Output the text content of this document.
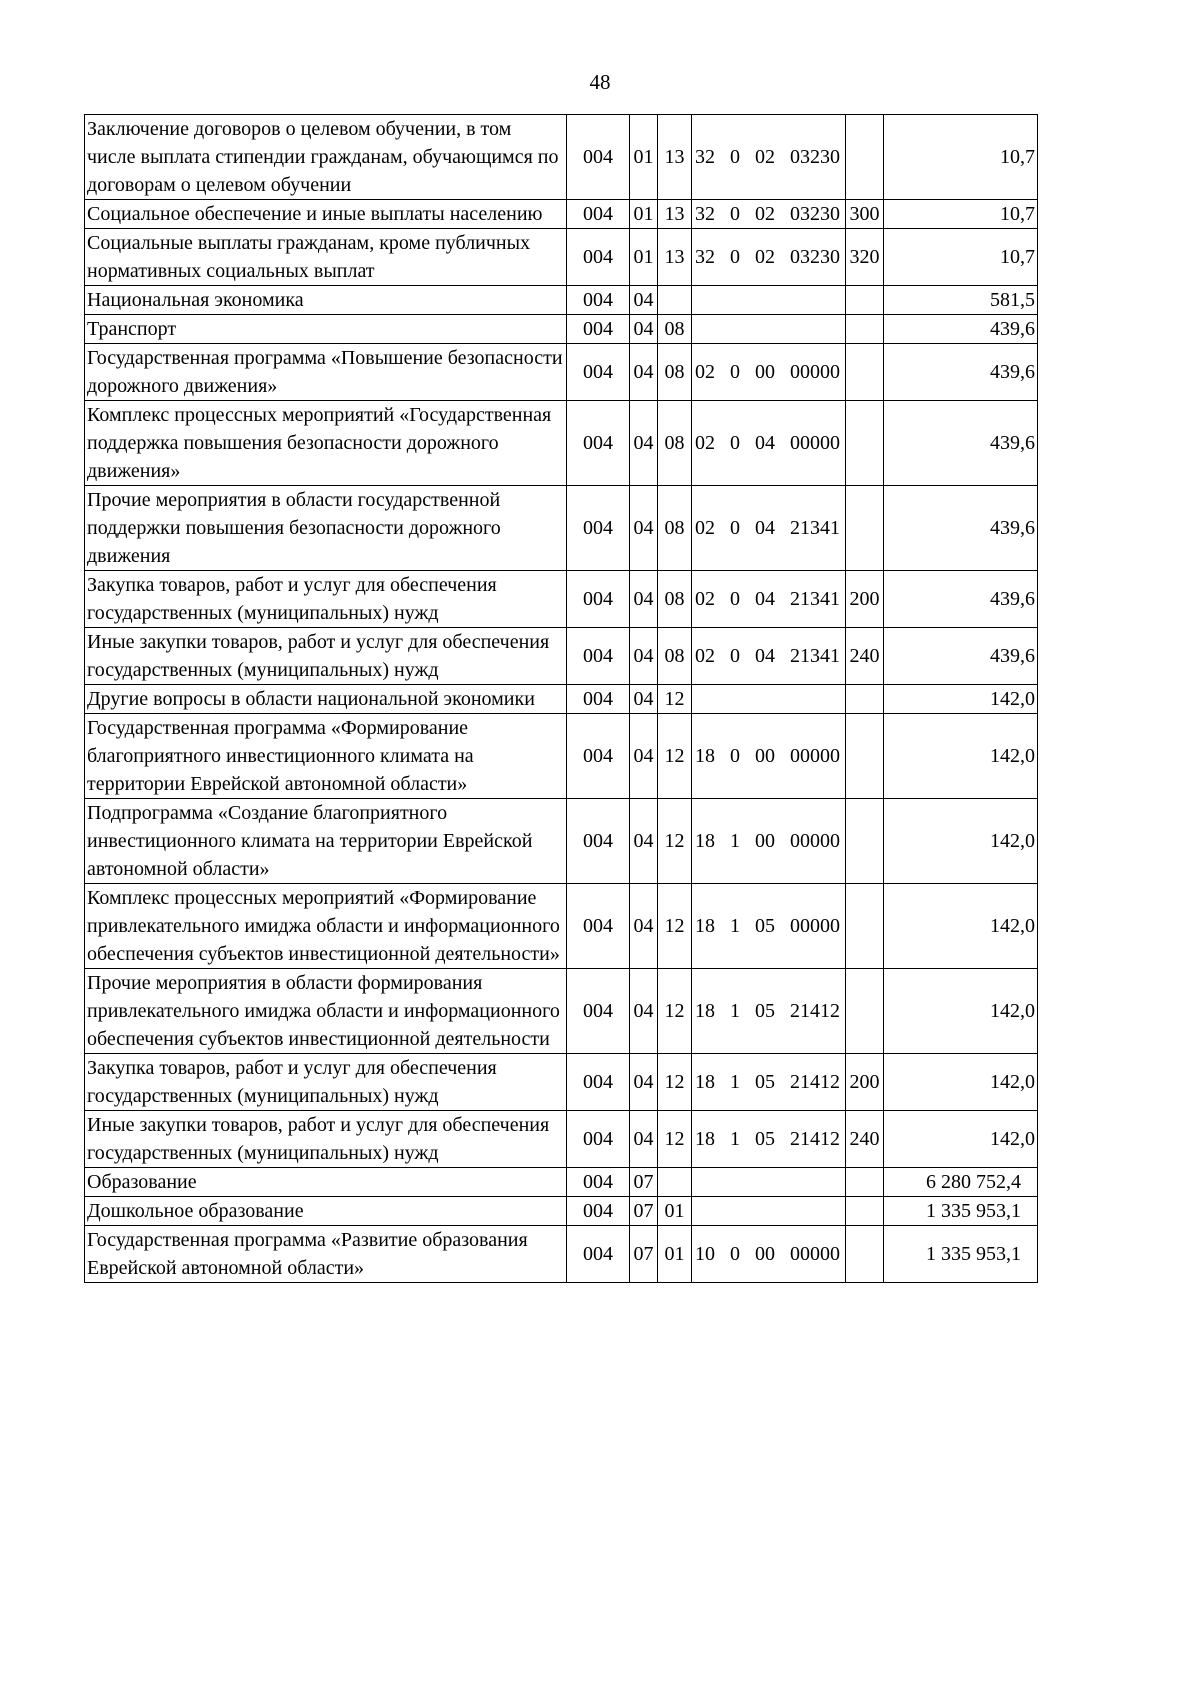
48
Заключение договоров о целевом обучении, в том числе выплата стипендии гражданам, обучающимся по договорам о целевом обучении	004	01	13	32 0 02 03230		10,7
Социальное обеспечение и иные выплаты населению	004	01	13	32 0 02 03230	300	10,7
Социальные выплаты гражданам, кроме публичных нормативных социальных выплат	004	01	13	32 0 02 03230	320	10,7
Национальная экономика	004	04				581,5
Транспорт	004	04	08			439,6
Государственная программа «Повышение безопасности дорожного движения»	004	04	08	02 0 00 00000		439,6
Комплекс процессных мероприятий «Государственная поддержка повышения безопасности дорожного движения»	004	04	08	02 0 04 00000		439,6
Прочие мероприятия в области государственной поддержки повышения безопасности дорожного движения	004	04	08	02 0 04 21341		439,6
Закупка товаров, работ и услуг для обеспечения государственных (муниципальных) нужд	004	04	08	02 0 04 21341	200	439,6
Иные закупки товаров, работ и услуг для обеспечения государственных (муниципальных) нужд	004	04	08	02 0 04 21341	240	439,6
Другие вопросы в области национальной экономики	004	04	12			142,0
Государственная программа «Формирование благоприятного инвестиционного климата на территории Еврейской автономной области»	004	04	12	18 0 00 00000		142,0
Подпрограмма «Создание благоприятного инвестиционного климата на территории Еврейской автономной области»	004	04	12	18 1 00 00000		142,0
Комплекс процессных мероприятий «Формирование привлекательного имиджа области и информационного обеспечения субъектов инвестиционной деятельности»	004	04	12	18 1 05 00000		142,0
Прочие мероприятия в области формирования привлекательного имиджа области и информационного обеспечения субъектов инвестиционной деятельности	004	04	12	18 1 05 21412		142,0
Закупка товаров, работ и услуг для обеспечения государственных (муниципальных) нужд	004	04	12	18 1 05 21412	200	142,0
Иные закупки товаров, работ и услуг для обеспечения государственных (муниципальных) нужд	004	04	12	18 1 05 21412	240	142,0
Образование	004	07				6 280 752,4
Дошкольное образование	004	07	01			1 335 953,1
Государственная программа «Развитие образования Еврейской автономной области»	004	07	01	10 0 00 00000		1 335 953,1
